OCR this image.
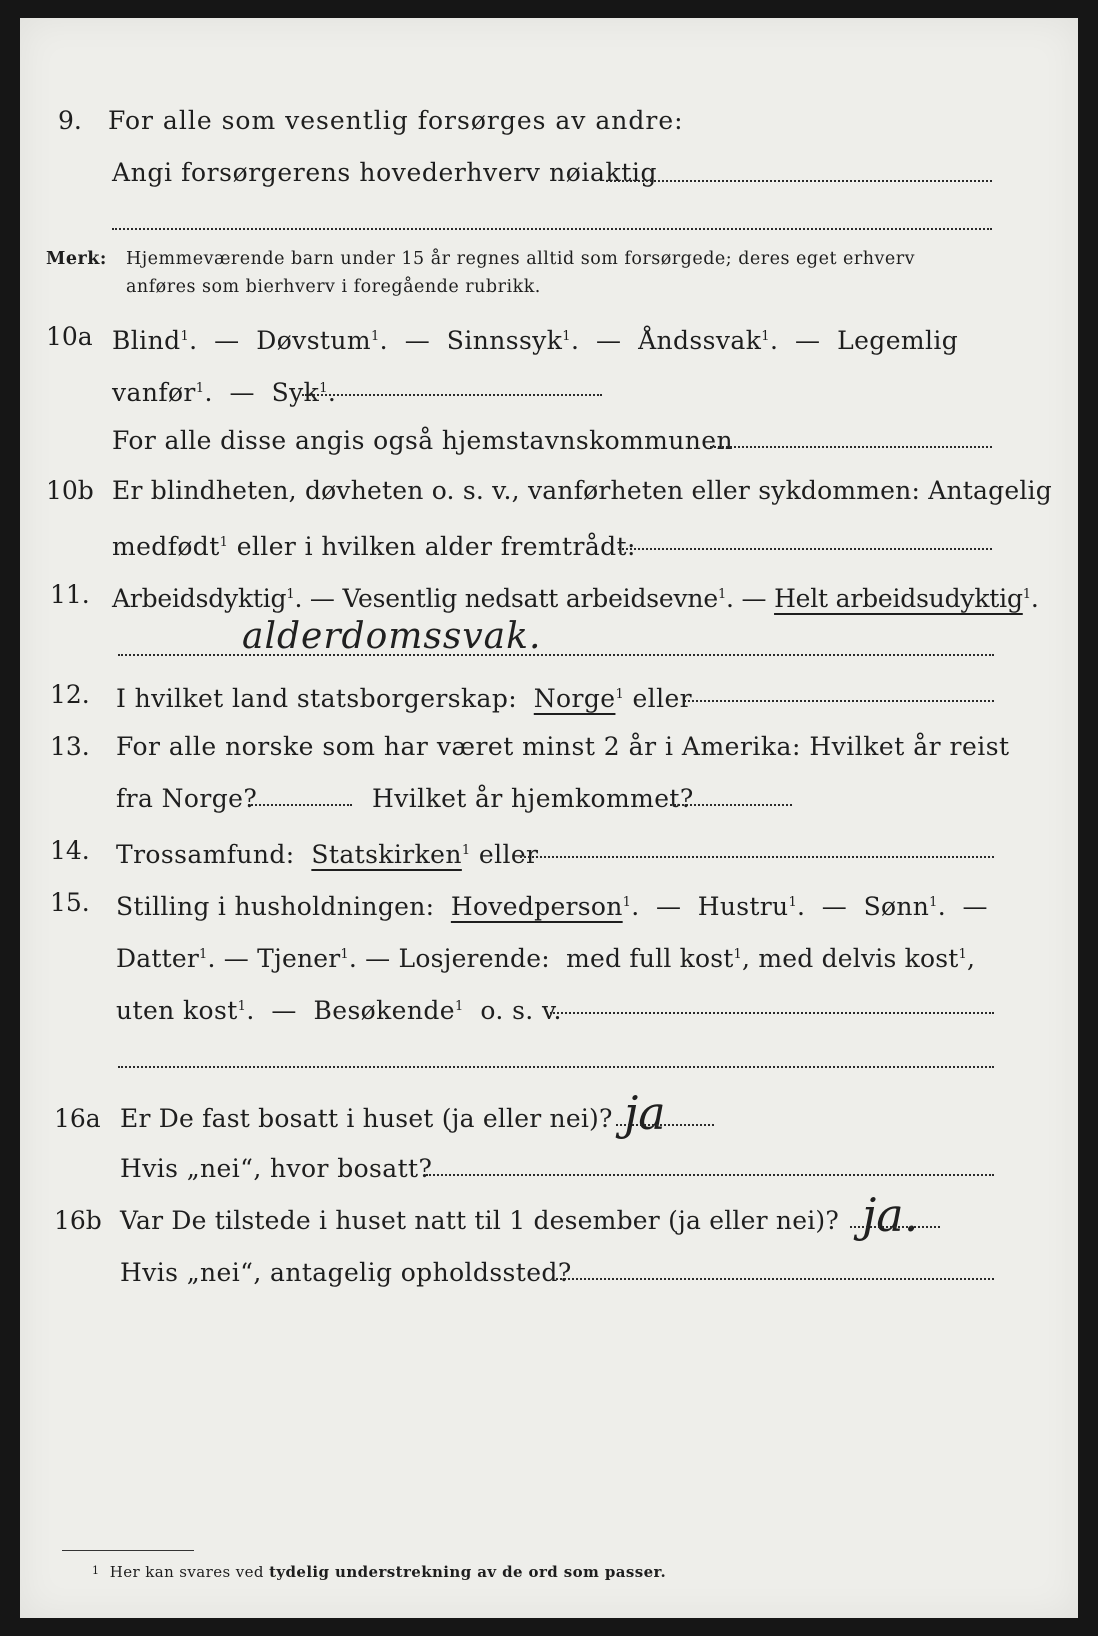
9. For alle som vesentlig forsørges av andre:
Angi forsørgerens hovederhverv nøiaktig
Merk: Hjemmeværende barn under 15 år regnes alltid som forsørgede; deres eget erhverv
anføres som bierhverv i foregående rubrikk.
10a Blind$^1$.  —  Døvstum$^1$.  —  Sinnssyk$^1$.  —  Åndssvak$^1$.  —  Legemlig
vanfør$^1$.  —  Syk$^1$.
For alle disse angis også hjemstavnskommunen
10b Er blindheten, døvheten o. s. v., vanførheten eller sykdommen: Antagelig
medfødt$^1$ eller i hvilken alder fremtrådt:
11. Arbeidsdyktig$^1$. — Vesentlig nedsatt arbeidsevne$^1$. — Helt arbeidsudyktig$^1$.
alderdomssvak.
12. I hvilket land statsborgerskap: Norge$^1$ eller
13. For alle norske som har været minst 2 år i Amerika: Hvilket år reist
fra Norge?	Hvilket år hjemkommet?
14. Trossamfund: Statskirken$^1$ eller
15. Stilling i husholdningen: Hovedperson$^1$.  —  Hustru$^1$.  —  Sønn$^1$.  —
Datter$^1$. — Tjener$^1$. — Losjerende: med full kost$^1$, med delvis kost$^1$,
uten kost$^1$.  —  Besøkende$^1$ o. s. v.
16a Er De fast bosatt i huset (ja eller nei)? ja
Hvis „nei“, hvor bosatt?
16b Var De tilstede i huset natt til 1 desember (ja eller nei)? ja.
Hvis „nei“, antagelig opholdssted?
$^1$ Her kan svares ved tydelig understrekning av de ord som passer.
